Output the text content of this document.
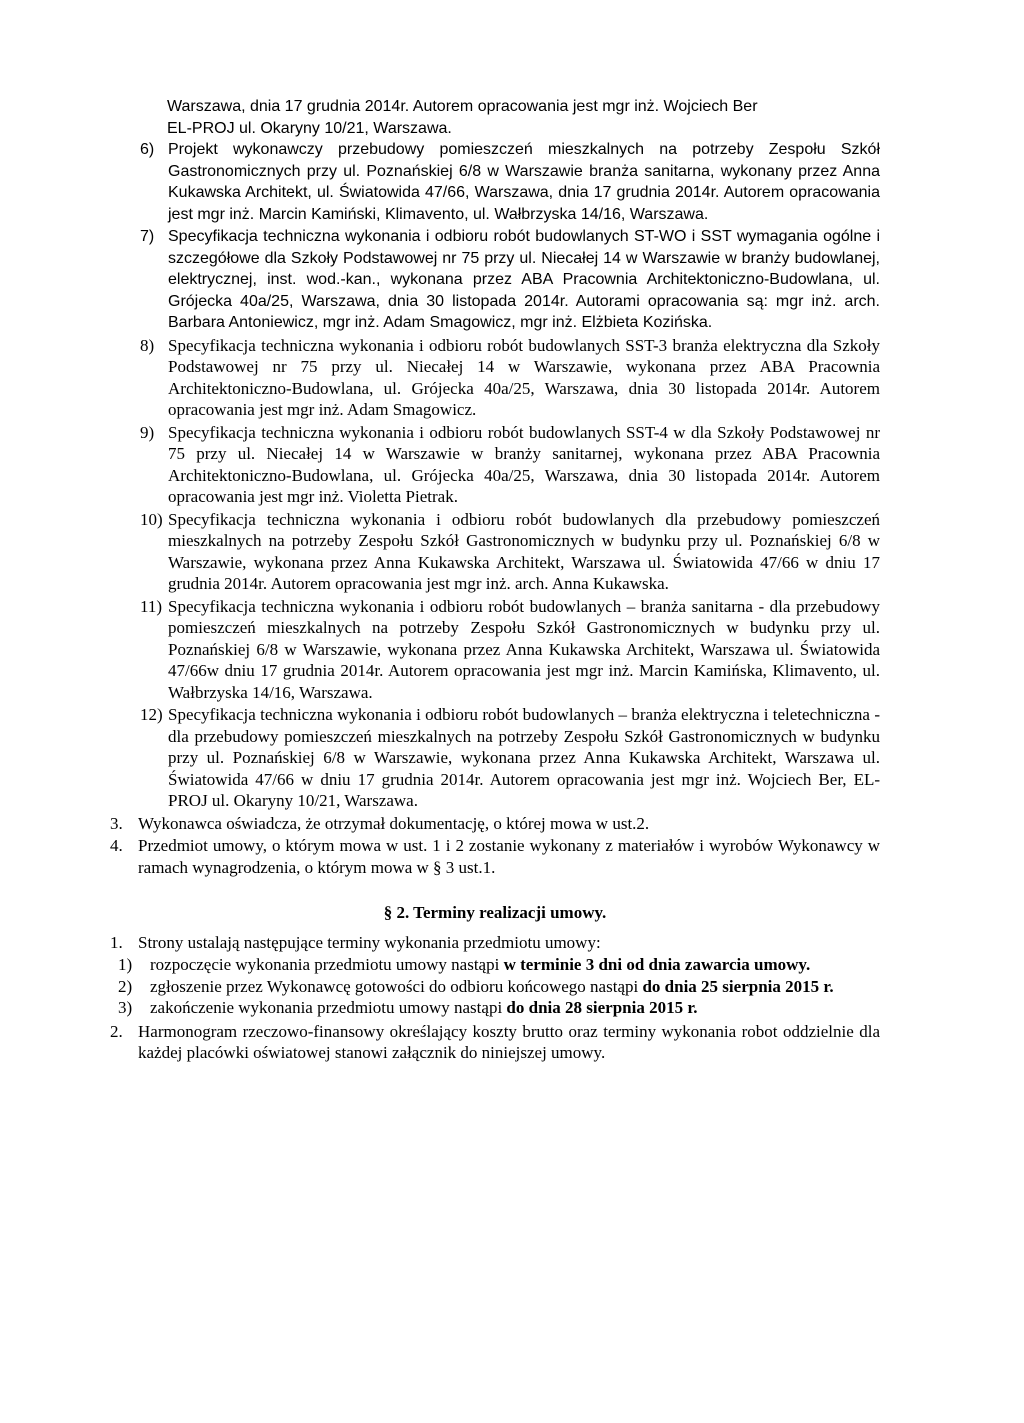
Warszawa, dnia 17 grudnia 2014r. Autorem opracowania jest mgr inż. Wojciech Ber

EL-PROJ ul. Okaryny 10/21, Warszawa.

6) Projekt wykonawczy przebudowy pomieszczeń mieszkalnych na potrzeby Zespołu Szkół Gastronomicznych przy ul. Poznańskiej 6/8 w Warszawie branża sanitarna, wykonany przez Anna Kukawska Architekt, ul. Światowida 47/66, Warszawa, dnia 17 grudnia 2014r. Autorem opracowania jest mgr inż. Marcin Kamiński, Klimavento, ul. Wałbrzyska 14/16, Warszawa.
7) Specyfikacja techniczna wykonania i odbioru robót budowlanych ST-WO i SST wymagania ogólne i szczegółowe dla Szkoły Podstawowej nr 75 przy ul. Niecałej 14 w Warszawie w branży budowlanej, elektrycznej, inst. wod.-kan., wykonana przez ABA Pracownia Architektoniczno-Budowlana, ul. Grójecka 40a/25, Warszawa, dnia 30 listopada 2014r. Autorami opracowania są: mgr inż. arch. Barbara Antoniewicz, mgr inż. Adam Smagowicz, mgr inż. Elżbieta Kozińska.
8) Specyfikacja techniczna wykonania i odbioru robót budowlanych SST-3 branża elektryczna dla Szkoły Podstawowej nr 75 przy ul. Niecałej 14 w Warszawie, wykonana przez ABA Pracownia Architektoniczno-Budowlana, ul. Grójecka 40a/25, Warszawa, dnia 30 listopada 2014r. Autorem opracowania jest mgr inż. Adam Smagowicz.
9) Specyfikacja techniczna wykonania i odbioru robót budowlanych SST-4 w dla Szkoły Podstawowej nr 75 przy ul. Niecałej 14 w Warszawie w branży sanitarnej, wykonana przez ABA Pracownia Architektoniczno-Budowlana, ul. Grójecka 40a/25, Warszawa, dnia 30 listopada 2014r. Autorem opracowania jest mgr inż. Violetta Pietrak.
10) Specyfikacja techniczna wykonania i odbioru robót budowlanych dla przebudowy pomieszczeń mieszkalnych na potrzeby Zespołu Szkół Gastronomicznych w budynku przy ul. Poznańskiej 6/8 w Warszawie, wykonana przez Anna Kukawska Architekt, Warszawa ul. Światowida 47/66 w dniu 17 grudnia 2014r. Autorem opracowania jest mgr inż. arch. Anna Kukawska.
11) Specyfikacja techniczna wykonania i odbioru robót budowlanych – branża sanitarna - dla przebudowy pomieszczeń mieszkalnych na potrzeby Zespołu Szkół Gastronomicznych w budynku przy ul. Poznańskiej 6/8 w Warszawie, wykonana przez Anna Kukawska Architekt, Warszawa ul. Światowida 47/66w dniu 17 grudnia 2014r. Autorem opracowania jest mgr inż. Marcin Kamińska, Klimavento, ul. Wałbrzyska 14/16, Warszawa.
12) Specyfikacja techniczna wykonania i odbioru robót budowlanych – branża elektryczna i teletechniczna - dla przebudowy pomieszczeń mieszkalnych na potrzeby Zespołu Szkół Gastronomicznych w budynku przy ul. Poznańskiej 6/8 w Warszawie, wykonana przez Anna Kukawska Architekt, Warszawa ul. Światowida 47/66 w dniu 17 grudnia 2014r. Autorem opracowania jest mgr inż. Wojciech Ber, EL-PROJ ul. Okaryny 10/21, Warszawa.
3. Wykonawca oświadcza, że otrzymał dokumentację, o której mowa w ust.2.
4. Przedmiot umowy, o którym mowa w ust. 1 i 2 zostanie wykonany z materiałów i wyrobów Wykonawcy w ramach wynagrodzenia, o którym mowa w § 3 ust.1.
§ 2. Terminy realizacji umowy.
1. Strony ustalają następujące terminy wykonania przedmiotu umowy:
1)	rozpoczęcie wykonania przedmiotu umowy nastąpi w terminie 3 dni od dnia zawarcia umowy.
2)	zgłoszenie przez Wykonawcę gotowości do odbioru końcowego nastąpi do dnia 25 sierpnia 2015 r.
3)	zakończenie wykonania przedmiotu umowy nastąpi do dnia 28 sierpnia 2015 r.
2. Harmonogram rzeczowo-finansowy określający koszty brutto oraz terminy wykonania robot oddzielnie dla każdej placówki oświatowej stanowi załącznik do niniejszej umowy.
